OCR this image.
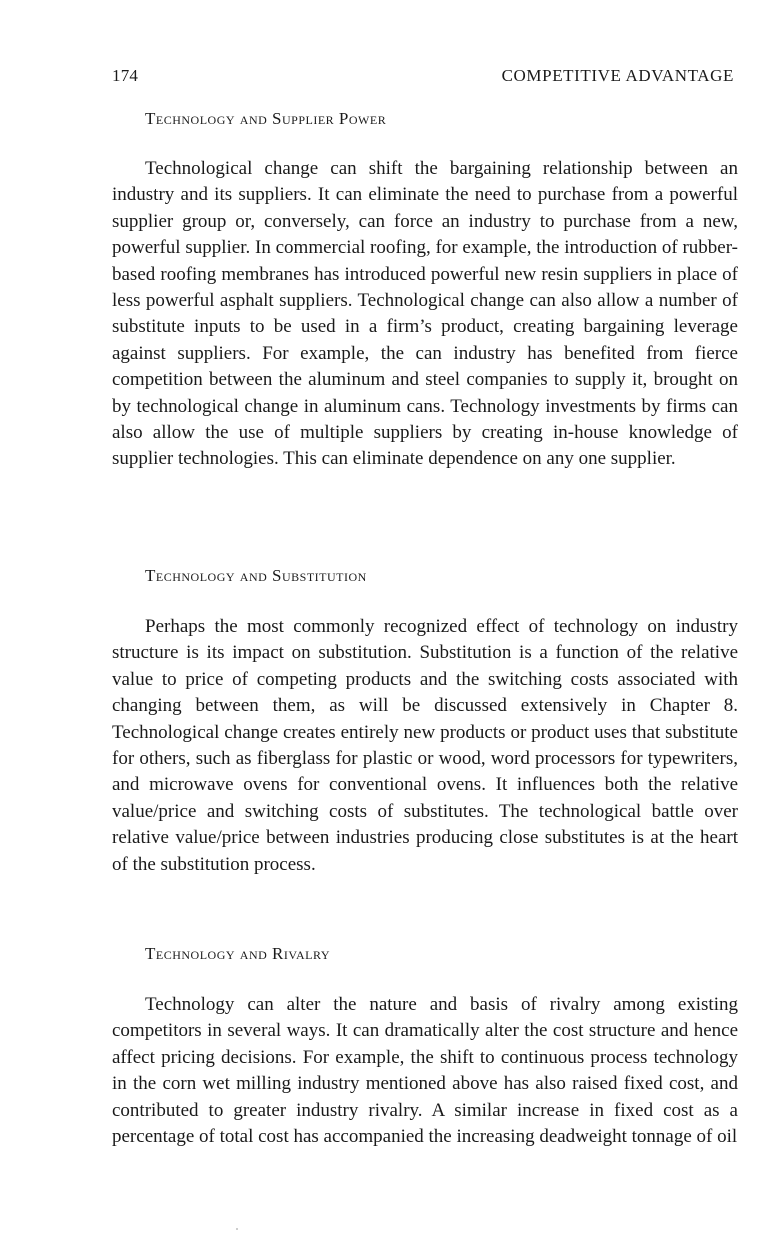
174	COMPETITIVE ADVANTAGE
Technology and Supplier Power

Technological change can shift the bargaining relationship between an industry and its suppliers. It can eliminate the need to purchase from a powerful supplier group or, conversely, can force an industry to purchase from a new, powerful supplier. In commercial roofing, for example, the introduction of rubber-based roofing membranes has introduced powerful new resin suppliers in place of less powerful asphalt suppliers. Technological change can also allow a number of substitute inputs to be used in a firm’s product, creating bargaining leverage against suppliers. For example, the can industry has benefited from fierce competition between the aluminum and steel companies to supply it, brought on by technological change in aluminum cans. Technology investments by firms can also allow the use of multiple suppliers by creating in-house knowledge of supplier technologies. This can eliminate dependence on any one supplier.

Technology and Substitution

Perhaps the most commonly recognized effect of technology on industry structure is its impact on substitution. Substitution is a function of the relative value to price of competing products and the switching costs associated with changing between them, as will be discussed extensively in Chapter 8. Technological change creates entirely new products or product uses that substitute for others, such as fiberglass for plastic or wood, word processors for typewriters, and microwave ovens for conventional ovens. It influences both the relative value/​price and switching costs of substitutes. The technological battle over relative value/price between industries producing close substitutes is at the heart of the substitution process.

Technology and Rivalry

Technology can alter the nature and basis of rivalry among existing competitors in several ways. It can dramatically alter the cost structure and hence affect pricing decisions. For example, the shift to continuous process technology in the corn wet milling industry mentioned above has also raised fixed cost, and contributed to greater industry rivalry. A similar increase in fixed cost as a percentage of total cost has accompanied the increasing deadweight tonnage of oil
